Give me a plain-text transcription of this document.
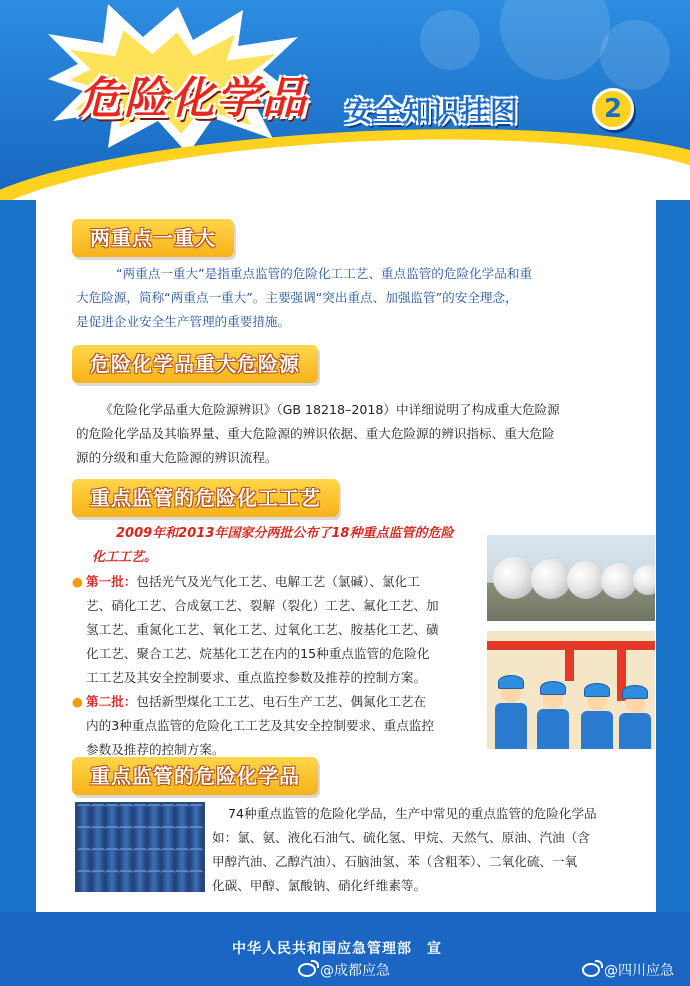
危险化学品 安全知识挂图	2
两重点一重大
“两重点一重大”是指重点监管的危险化工工艺、重点监管的危险化学品和重
大危险源，简称“两重点一重大”。主要强调“突出重点、加强监管”的安全理念，
是促进企业安全生产管理的重要措施。
危险化学品重大危险源
《危险化学品重大危险源辨识》（GB 18218–2018）中详细说明了构成重大危险源
的危险化学品及其临界量、重大危险源的辨识依据、重大危险源的辨识指标、重大危险
源的分级和重大危险源的辨识流程。
重点监管的危险化工工艺
2009年和2013年国家分两批公布了18种重点监管的危险
化工工艺。
● 第一批：包括光气及光气化工艺、电解工艺（氯碱）、氯化工
艺、硝化工艺、合成氨工艺、裂解（裂化）工艺、氟化工艺、加
氢工艺、重氮化工艺、氧化工艺、过氧化工艺、胺基化工艺、磺
化工艺、聚合工艺、烷基化工艺在内的15种重点监管的危险化
工工艺及其安全控制要求、重点监控参数及推荐的控制方案。
● 第二批：包括新型煤化工工艺、电石生产工艺、偶氮化工艺在
内的3种重点监管的危险化工工艺及其安全控制要求、重点监控
参数及推荐的控制方案。
重点监管的危险化学品
74种重点监管的危险化学品，生产中常见的重点监管的危险化学品
如：氯、氨、液化石油气、硫化氢、甲烷、天然气、原油、汽油（含
甲醇汽油、乙醇汽油）、石脑油氢、苯（含粗苯）、二氧化硫、一氧
化碳、甲醇、氯酸钠、硝化纤维素等。
中华人民共和国应急管理部　宣
@成都应急	@四川应急
